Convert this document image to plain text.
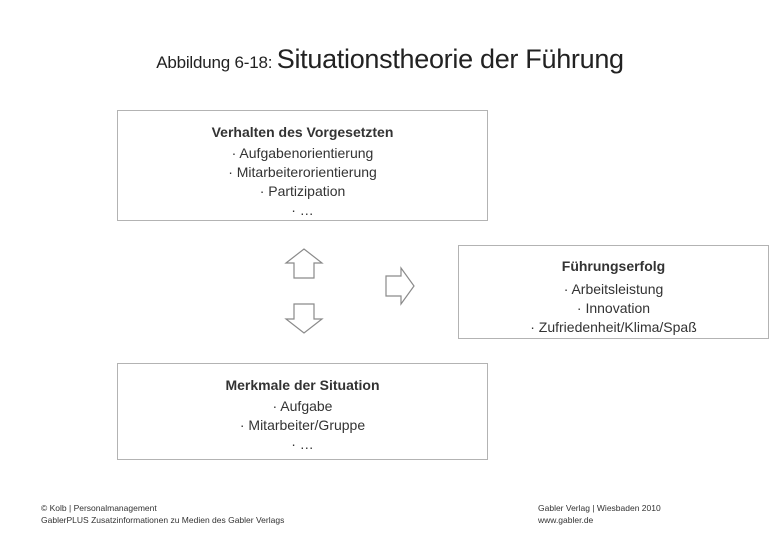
Abbildung 6-18: Situationstheorie der Führung
Verhalten des Vorgesetzten
· Aufgabenorientierung
· Mitarbeiterorientierung
· Partizipation
· …
Führungserfolg
· Arbeitsleistung
· Innovation
· Zufriedenheit/Klima/Spaß
Merkmale der Situation
· Aufgabe
· Mitarbeiter/Gruppe
· …
© Kolb | Personalmanagement
GablerPLUS Zusatzinformationen zu Medien des Gabler Verlags
Gabler Verlag | Wiesbaden 2010
www.gabler.de
